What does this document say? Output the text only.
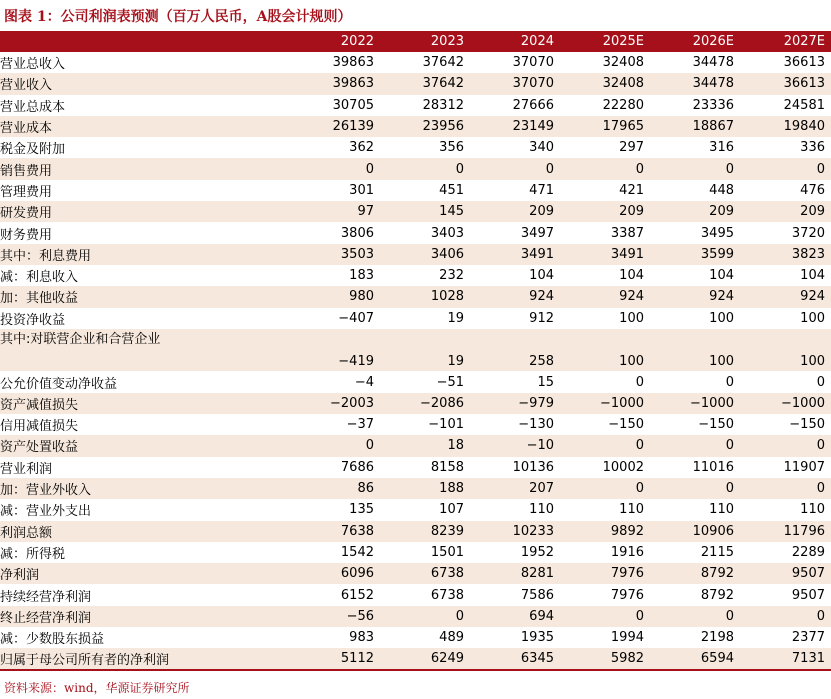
图表 1：公司利润表预测（百万人民币，A股会计规则）
	2022	2023	2024	2025E	2026E	2027E
营业总收入	39863	37642	37070	32408	34478	36613
营业收入	39863	37642	37070	32408	34478	36613
营业总成本	30705	28312	27666	22280	23336	24581
营业成本	26139	23956	23149	17965	18867	19840
税金及附加	362	356	340	297	316	336
销售费用	0	0	0	0	0	0
管理费用	301	451	471	421	448	476
研发费用	97	145	209	209	209	209
财务费用	3806	3403	3497	3387	3495	3720
其中：利息费用	3503	3406	3491	3491	3599	3823
减：利息收入	183	232	104	104	104	104
加：其他收益	980	1028	924	924	924	924
投资净收益	−407	19	912	100	100	100

其中:对联营企业和合营企业	−419	19	258	100	100	100
公允价值变动净收益	−4	−51	15	0	0	0
资产减值损失	−2003	−2086	−979	−1000	−1000	−1000
信用减值损失	−37	−101	−130	−150	−150	−150
资产处置收益	0	18	−10	0	0	0
营业利润	7686	8158	10136	10002	11016	11907
加：营业外收入	86	188	207	0	0	0
减：营业外支出	135	107	110	110	110	110
利润总额	7638	8239	10233	9892	10906	11796
减：所得税	1542	1501	1952	1916	2115	2289
净利润	6096	6738	8281	7976	8792	9507
持续经营净利润	6152	6738	7586	7976	8792	9507
终止经营净利润	−56	0	694	0	0	0
减：少数股东损益	983	489	1935	1994	2198	2377
归属于母公司所有者的净利润	5112	6249	6345	5982	6594	7131
资料来源：wind，华源证券研究所
